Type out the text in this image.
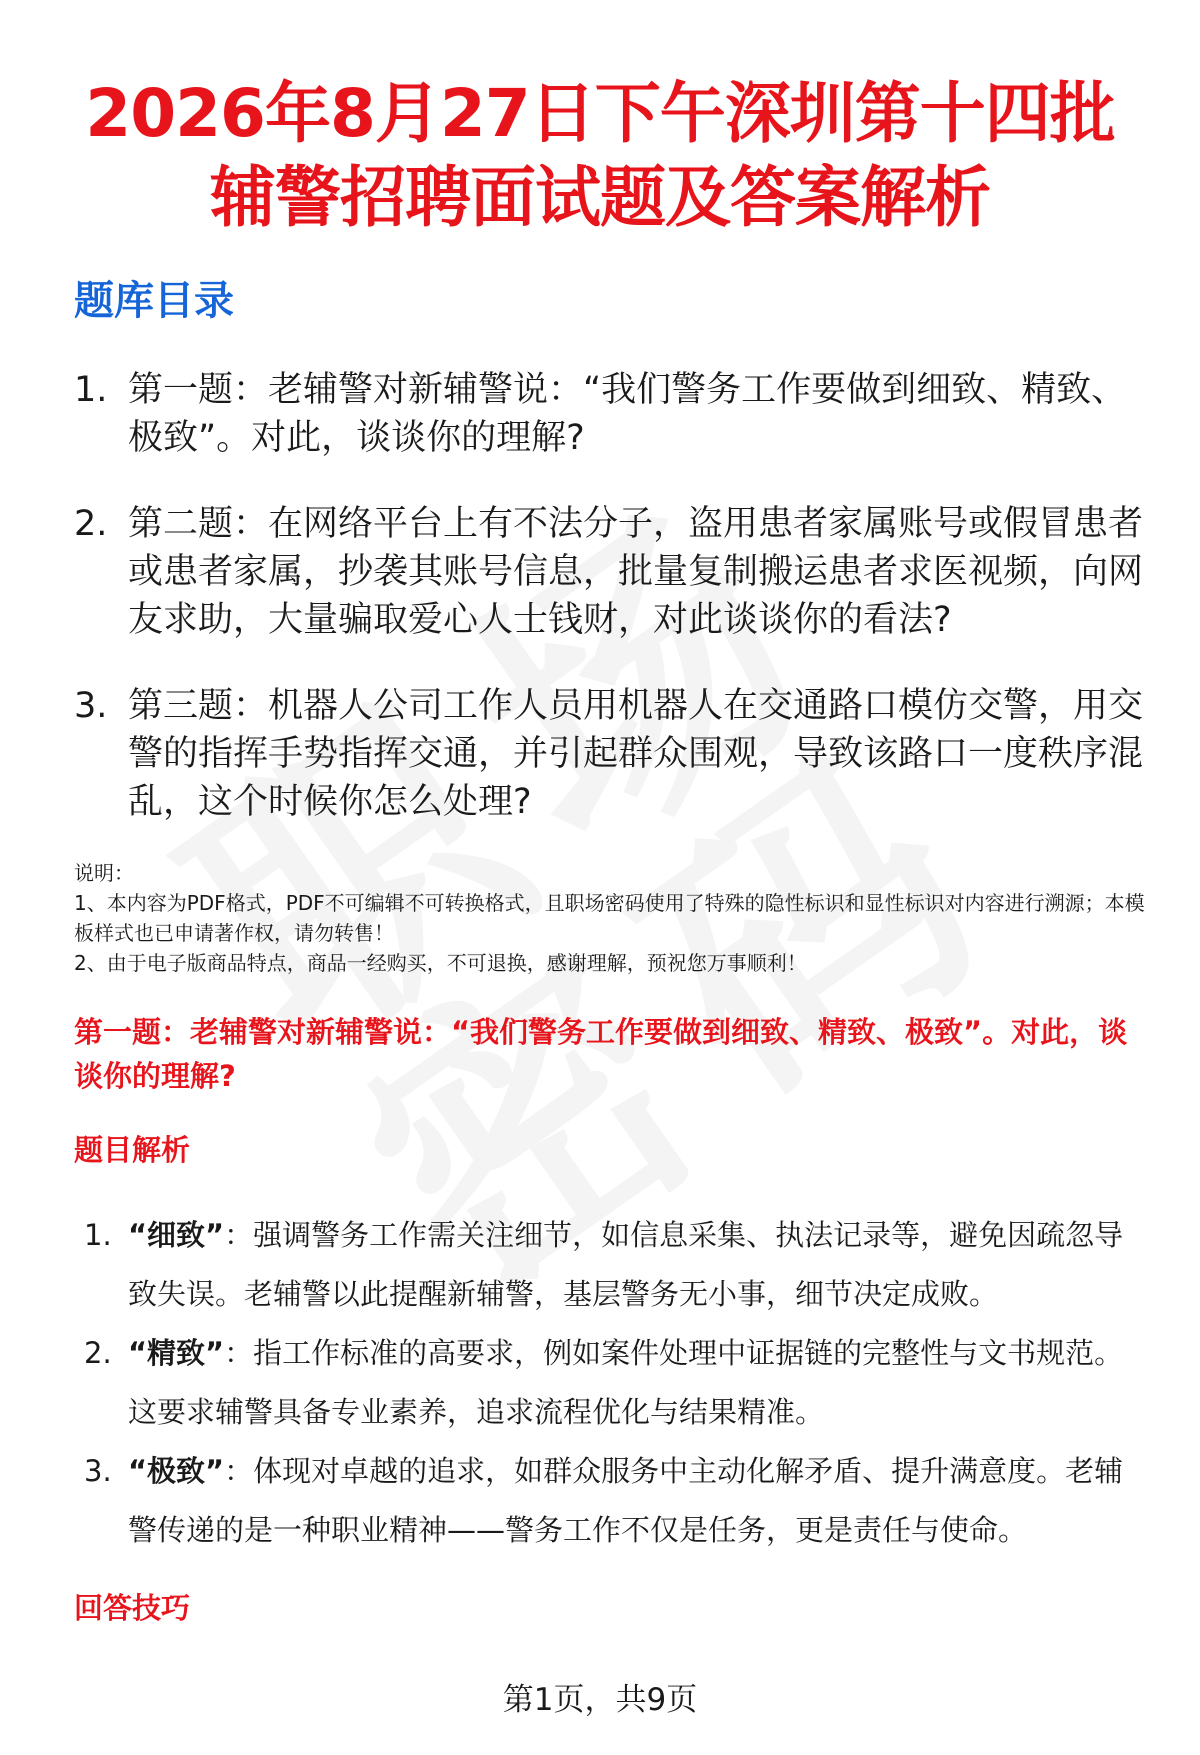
2026年8月27日下午深圳第十四批
辅警招聘面试题及答案解析
题库目录
1. 第一题：老辅警对新辅警说：“我们警务工作要做到细致、精致、极致”。对此，谈谈你的理解?
2. 第二题：在网络平台上有不法分子，盗用患者家属账号或假冒患者或患者家属，抄袭其账号信息，批量复制搬运患者求医视频，向网友求助，大量骗取爱心人士钱财，对此谈谈你的看法?
3. 第三题：机器人公司工作人员用机器人在交通路口模仿交警，用交警的指挥手势指挥交通，并引起群众围观，导致该路口一度秩序混乱，这个时候你怎么处理?

说明：

1、本内容为PDF格式，PDF不可编辑不可转换格式，且职场密码使用了特殊的隐性标识和显性标识对内容进行溯源；本模板样式也已申请著作权，请勿转售！

2、由于电子版商品特点，商品一经购买，不可退换，感谢理解，预祝您万事顺利！

第一题：老辅警对新辅警说：“我们警务工作要做到细致、精致、极致”。对此，谈谈你的理解?
题目解析
1. “细致”：强调警务工作需关注细节，如信息采集、执法记录等，避免因疏忽导致失误。老辅警以此提醒新辅警，基层警务无小事，细节决定成败。
2. “精致”：指工作标准的高要求，例如案件处理中证据链的完整性与文书规范。这要求辅警具备专业素养，追求流程优化与结果精准。
3. “极致”：体现对卓越的追求，如群众服务中主动化解矛盾、提升满意度。老辅警传递的是一种职业精神——警务工作不仅是任务，更是责任与使命。
回答技巧
第1页，共9页
